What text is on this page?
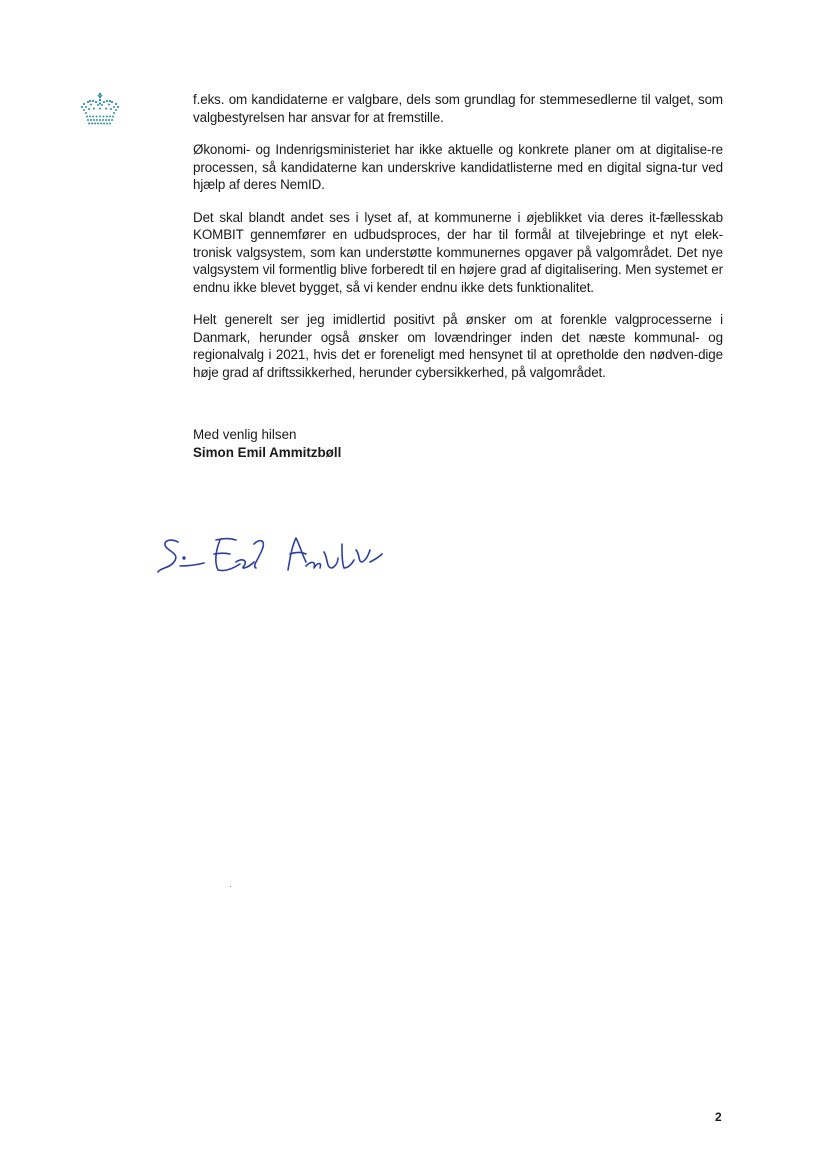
f.eks. om kandidaterne er valgbare, dels som grundlag for stemmesedlerne til valget, som valgbestyrelsen har ansvar for at fremstille.

Økonomi- og Indenrigsministeriet har ikke aktuelle og konkrete planer om at digitalise-re processen, så kandidaterne kan underskrive kandidatlisterne med en digital signa-tur ved hjælp af deres NemID.

Det skal blandt andet ses i lyset af, at kommunerne i øjeblikket via deres it-fællesskab KOMBIT gennemfører en udbudsproces, der har til formål at tilvejebringe et nyt elek-tronisk valgsystem, som kan understøtte kommunernes opgaver på valgområdet. Det nye valgsystem vil formentlig blive forberedt til en højere grad af digitalisering. Men systemet er endnu ikke blevet bygget, så vi kender endnu ikke dets funktionalitet.

Helt generelt ser jeg imidlertid positivt på ønsker om at forenkle valgprocesserne i Danmark, herunder også ønsker om lovændringer inden det næste kommunal- og regionalvalg i 2021, hvis det er foreneligt med hensynet til at opretholde den nødven-dige høje grad af driftssikkerhed, herunder cybersikkerhed, på valgområdet.

Med venlig hilsen
Simon Emil Ammitzbøll
2
